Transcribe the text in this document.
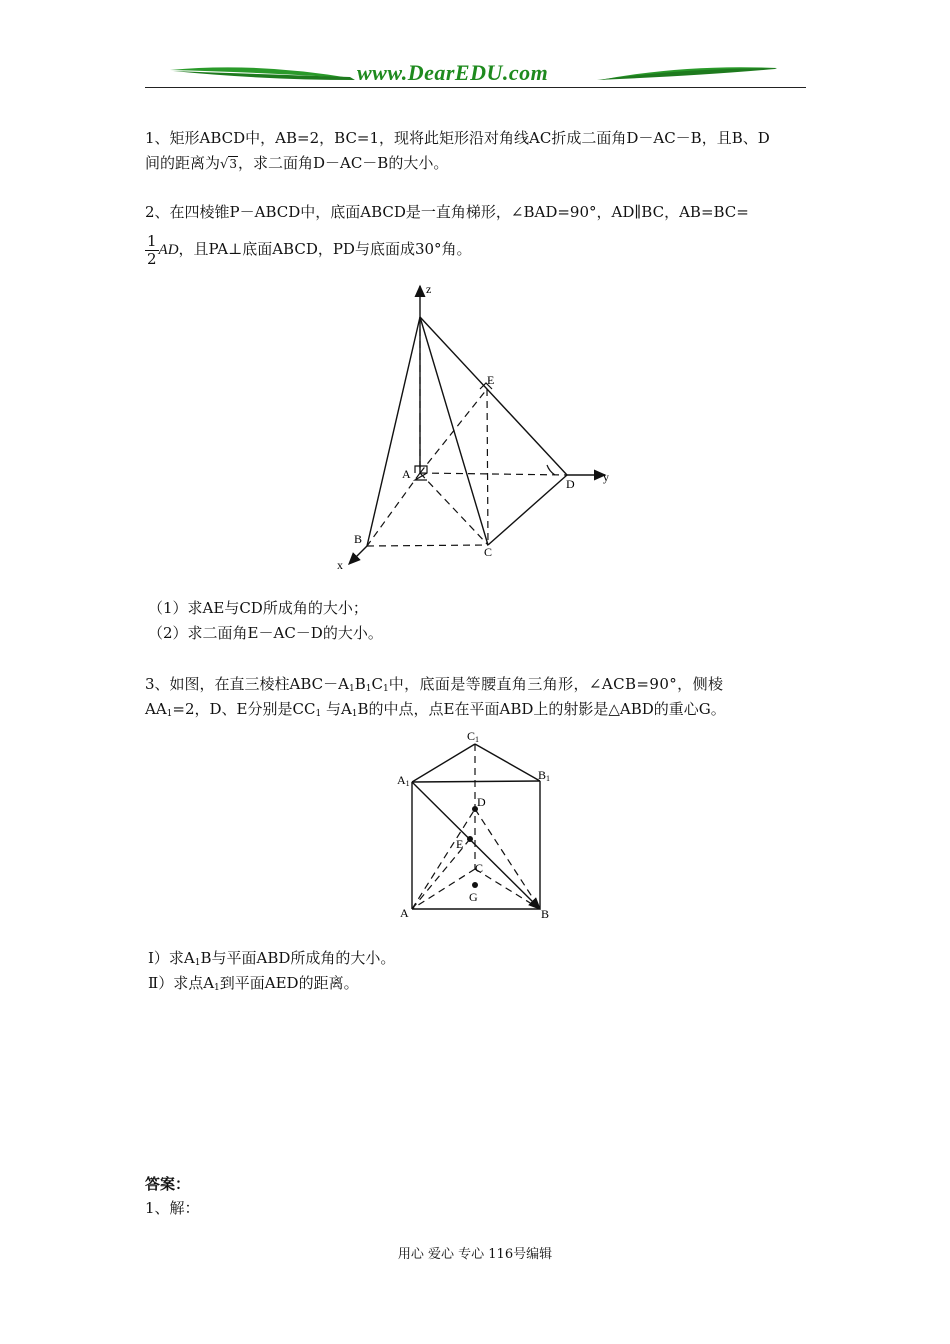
www.DearEDU.com
1、矩形ABCD中，AB=2，BC=1，现将此矩形沿对角线AC折成二面角D－AC－B，且B、D
间的距离为√3，求二面角D－AC－B的大小。
2、在四棱锥P－ABCD中，底面ABCD是一直角梯形，∠BAD=90°，AD∥BC，AB=BC=
$\frac{1}{2}$ AD，且PA⊥底面ABCD，PD与底面成30°角。
z
y
x
A
B
C
D
E
（1）求AE与CD所成角的大小；
（2）求二面角E－AC－D的大小。
3、如图，在直三棱柱$ABC-A_1B_1C_1$中，底面是等腰直角三角形，∠ACB=90°，侧棱
$AA_1=2$，D、E分别是$CC_1$ 与$A_1B$的中点，点E在平面ABD上的射影是△ABD的重心G。
C1
A1
B1
D
E
C
G
A	B
Ⅰ）求$A_1B$与平面ABD所成角的大小。
Ⅱ）求点$A_1$到平面AED的距离。
答案：
1、解：
用心 爱心 专心 116号编辑
